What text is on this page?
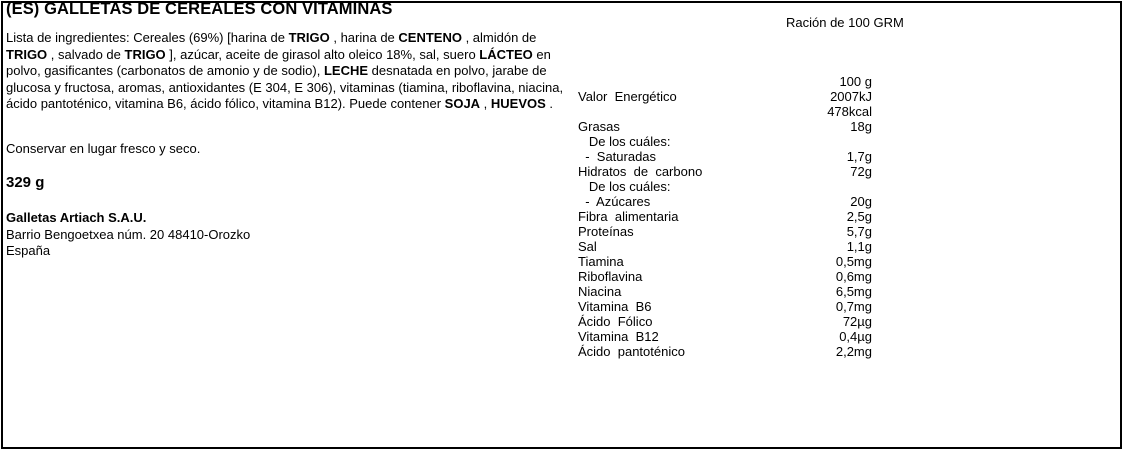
(ES) GALLETAS DE CEREALES CON VITAMINAS
Ración de 100 GRM

Lista de ingredientes: Cereales (69%) [harina de TRIGO , harina de CENTENO , almidón de TRIGO , salvado de TRIGO ], azúcar, aceite de girasol alto oleico 18%, sal, suero LÁCTEO en polvo, gasificantes (carbonatos de amonio y de sodio), LECHE desnatada en polvo, jarabe de glucosa y fructosa, aromas, antioxidantes (E 304, E 306), vitaminas (tiamina, riboflavina, niacina, ácido pantoténico, vitamina B6, ácido fólico, vitamina B12). Puede contener SOJA , HUEVOS .

Conservar en lugar fresco y seco.
329 g
Galletas Artiach S.A.U.
Barrio Bengoetxea núm. 20 48410-Orozko
España
100 g
Valor  Energético	2007kJ
478kcal
Grasas	18g
De los cuáles:
-  Saturadas	1,7g
Hidratos  de  carbono	72g
De los cuáles:
-  Azúcares	20g
Fibra  alimentaria	2,5g
Proteínas	5,7g
Sal	1,1g
Tiamina	0,5mg
Riboflavina	0,6mg
Niacina	6,5mg
Vitamina  B6	0,7mg
Ácido  Fólico	72µg
Vitamina  B12	0,4µg
Ácido  pantoténico	2,2mg
